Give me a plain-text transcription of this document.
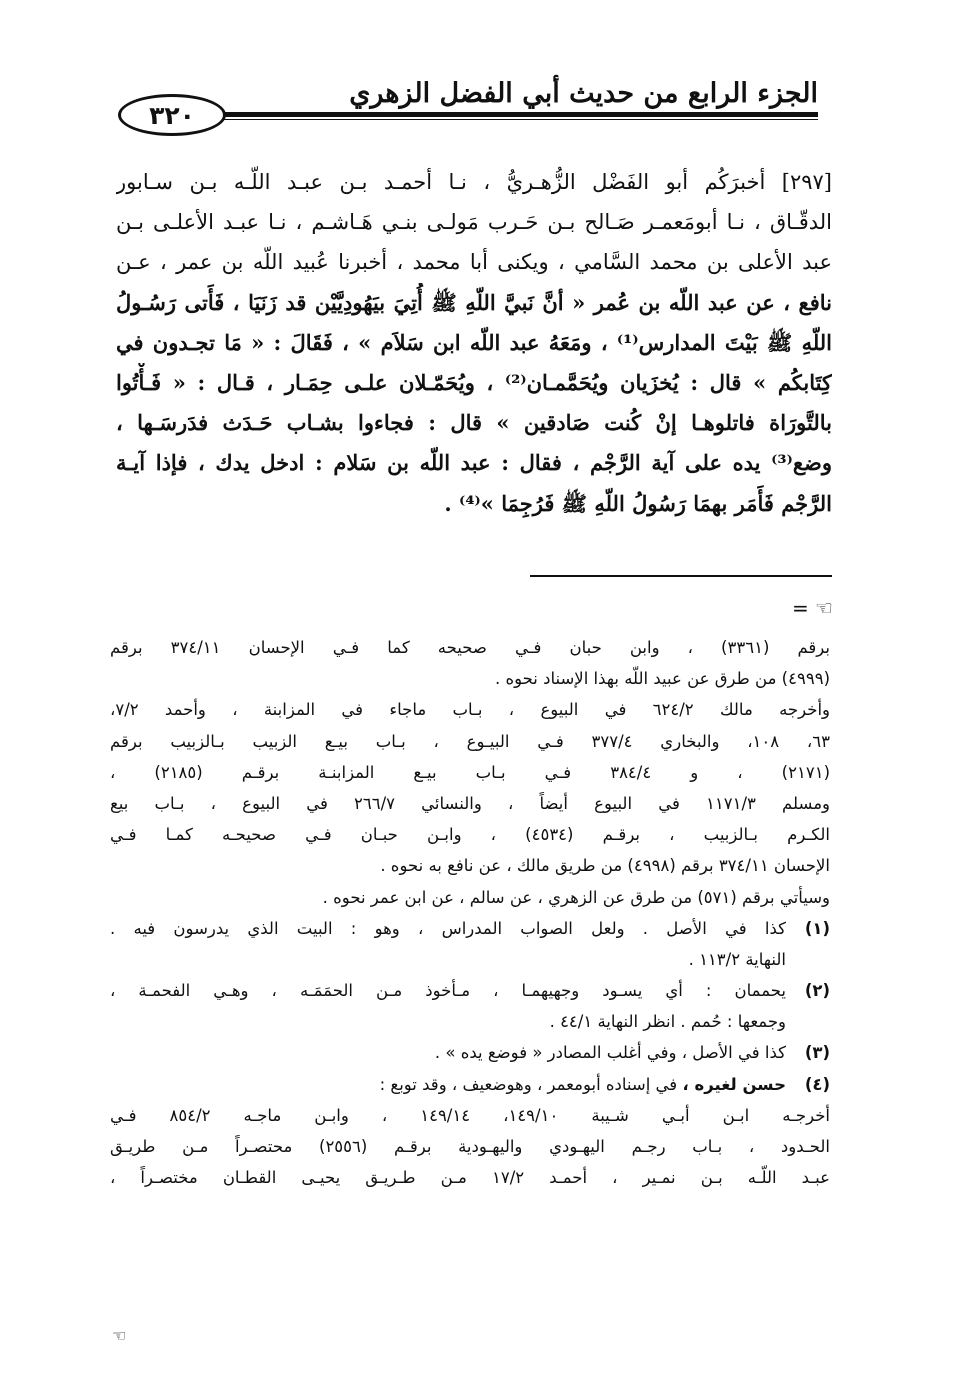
٣٢٠
الجزء الرابع من حديث أبي الفضل الزهري
[٢٩٧] أخبرَكُم أبو الفَضْل الزُّهـريُّ ، نـا أحمـد بـن عبـد اللّـه بـن سـابور
الدقّـاق ، نـا أبومَعمـر صَـالح بـن حَـرب مَولـى بنـي هَـاشـم ، نـا عبـد الأعلـى بـن
عبد الأعلى بن محمد السَّامي ، ويكنى أبا محمد ، أخبرنا عُبيد اللّه بن عمر ، عـن
نافع ، عن عبد اللّه بن عُمر « أنَّ نَبيَّ اللّهِ ﷺ أُتِيَ بيَهُودِيَّيْن قد زَنَيَا ، فَأَتى رَسُـولُ
اللّهِ ﷺ بَيْتَ المدارس⁽¹⁾ ، ومَعَهُ عبد اللّه ابن سَلاَم » ، فَقَالَ : « مَا تجـدون في
كِتَابكُم » قال : يُخزَيان ويُحَمَّمـان⁽²⁾ ، ويُحَمّـلان علـى حِمَـار ، قـال : « فَـأْتُوا
بالتَّورَاة فاتلوهـا إنْ كُنت صَادقين » قال : فجاءوا بشـاب حَـدَث فدَرسَـها ،
وضع⁽³⁾ يده على آية الرَّجْم ، فقال : عبد اللّه بن سَلام : ادخل يدك ، فإذا آيـة
الرَّجْم فَأَمَر بهمَا رَسُولُ اللّهِ ﷺ فَرُجِمَا »⁽⁴⁾ .
= ☜
برقم (٣٣٦١) ، وابن حبان فـي صحيحه كما فـي الإحسان ٣٧٤/١١ برقم
(٤٩٩٩) من طرق عن عبيد اللّه بهذا الإسناد نحوه .
وأخرجه مالك ٦٢٤/٢ في البيوع ، بـاب ماجاء في المزابنة ، وأحمد ٧/٢،
٦٣، ١٠٨، والبخاري ٣٧٧/٤ فـي البيـوع ، بـاب بيـع الزبيب بـالزبيب برقم
(٢١٧١) ، و ٣٨٤/٤ فـي بـاب بيـع المزابنـة برقـم (٢١٨٥) ،
ومسلم ١١٧١/٣ في البيوع أيضاً ، والنسائي ٢٦٦/٧ في البيوع ، بـاب بيع
الكـرم بـالزبيب ، برقـم (٤٥٣٤) ، وابـن حبـان فـي صحيحـه كمـا فـي
الإحسان ٣٧٤/١١ برقم (٤٩٩٨) من طريق مالك ، عن نافع به نحوه .
وسيأتي برقم (٥٧١) من طرق عن الزهري ، عن سالم ، عن ابن عمر نحوه .
(١)
كذا في الأصل . ولعل الصواب المدراس ، وهو : البيت الذي يدرسون فيه .
النهاية ١١٣/٢ .
(٢)
يحممان : أي يسـود وجهيهمـا ، مـأخوذ مـن الحمَمَـه ، وهـي الفحمـة ،
وجمعها : حُمم . انظر النهاية ٤٤/١ .
(٣)
كذا في الأصل ، وفي أغلب المصادر « فوضع يده » .
(٤)
حسن لغيره ، في إسناده أبومعمر ، وهوضعيف ، وقد توبع :
أخرجـه ابـن أبـي شـيبة ١٤٩/١٠، ١٤٩/١٤ ، وابـن ماجـه ٨٥٤/٢ فـي
الحـدود ، بـاب رجـم اليهـودي واليهـودية برقـم (٢٥٥٦) محتصـراً مـن طريـق
عبـد اللّـه بـن نمـير ، أحمـد ١٧/٢ مـن طـريـق يحيـى القطـان مختصـراً ،
☜
